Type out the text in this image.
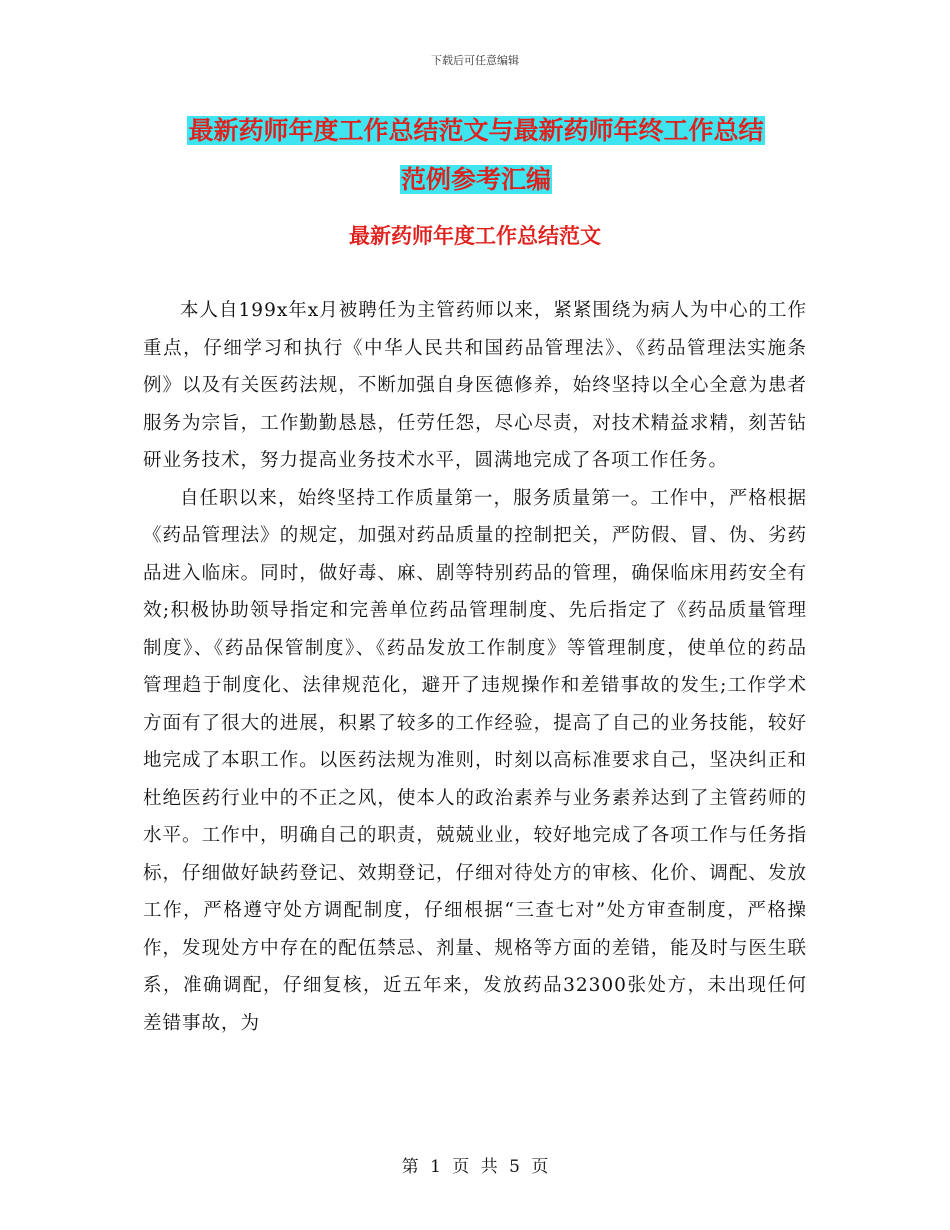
下载后可任意编辑
最新药师年度工作总结范文与最新药师年终工作总结
范例参考汇编
最新药师年度工作总结范文

本人自199x年x月被聘任为主管药师以来，紧紧围绕为病人为中心的工作重点，仔细学习和执行《中华人民共和国药品管理法》、《药品管理法实施条例》以及有关医药法规，不断加强自身医德修养，始终坚持以全心全意为患者服务为宗旨，工作勤勤恳恳，任劳任怨，尽心尽责，对技术精益求精，刻苦钻研业务技术，努力提高业务技术水平，圆满地完成了各项工作任务。

自任职以来，始终坚持工作质量第一，服务质量第一。工作中，严格根据《药品管理法》的规定，加强对药品质量的控制把关，严防假、冒、伪、劣药品进入临床。同时，做好毒、麻、剧等特别药品的管理，确保临床用药安全有效;积极协助领导指定和完善单位药品管理制度、先后指定了《药品质量管理制度》、《药品保管制度》、《药品发放工作制度》等管理制度，使单位的药品管理趋于制度化、法律规范化，避开了违规操作和差错事故的发生;工作学术方面有了很大的进展，积累了较多的工作经验，提高了自己的业务技能，较好地完成了本职工作。以医药法规为准则，时刻以高标准要求自己，坚决纠正和杜绝医药行业中的不正之风，使本人的政治素养与业务素养达到了主管药师的水平。工作中，明确自己的职责，兢兢业业，较好地完成了各项工作与任务指标，仔细做好缺药登记、效期登记，仔细对待处方的审核、化价、调配、发放工作，严格遵守处方调配制度，仔细根据“三查七对”处方审查制度，严格操作，发现处方中存在的配伍禁忌、剂量、规格等方面的差错，能及时与医生联系，准确调配，仔细复核，近五年来，发放药品32300张处方，未出现任何差错事故，为

第 1 页 共 5 页
